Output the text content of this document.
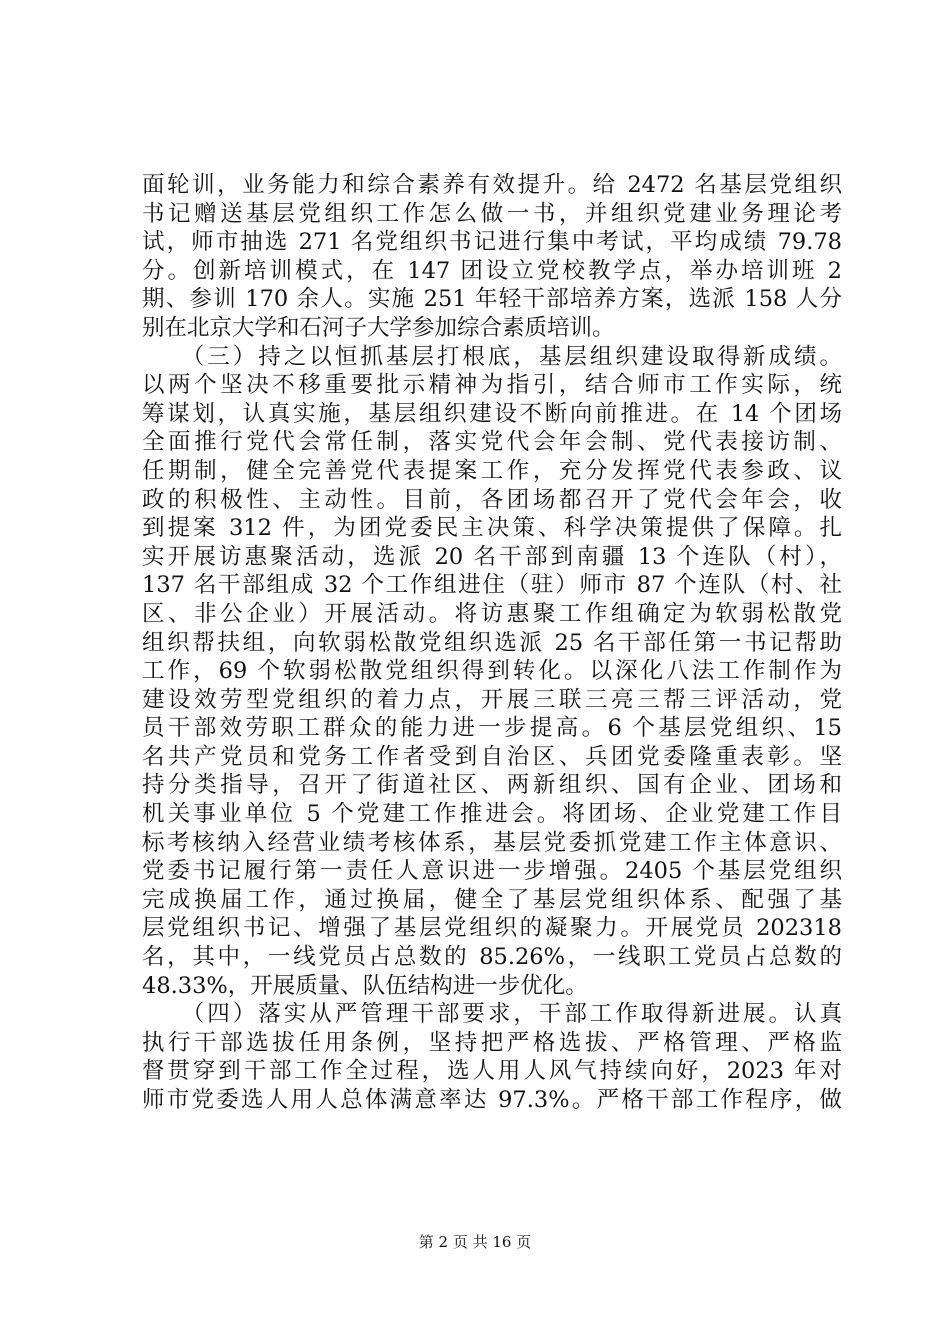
面轮训，业务能力和综合素养有效提升。给 2472 名基层党组织
书记赠送基层党组织工作怎么做一书，并组织党建业务理论考
试，师市抽选 271 名党组织书记进行集中考试，平均成绩 79.78
分。创新培训模式，在 147 团设立党校教学点，举办培训班 2
期、参训 170 余人。实施 251 年轻干部培养方案，选派 158 人分
别在北京大学和石河子大学参加综合素质培训。
　　（三）持之以恒抓基层打根底，基层组织建设取得新成绩。
以两个坚决不移重要批示精神为指引，结合师市工作实际，统
筹谋划，认真实施，基层组织建设不断向前推进。在 14 个团场
全面推行党代会常任制，落实党代会年会制、党代表接访制、
任期制，健全完善党代表提案工作，充分发挥党代表参政、议
政的积极性、主动性。目前，各团场都召开了党代会年会，收
到提案 312 件，为团党委民主决策、科学决策提供了保障。扎
实开展访惠聚活动，选派 20 名干部到南疆 13 个连队（村），
137 名干部组成 32 个工作组进住（驻）师市 87 个连队（村、社
区、非公企业）开展活动。将访惠聚工作组确定为软弱松散党
组织帮扶组，向软弱松散党组织选派 25 名干部任第一书记帮助
工作，69 个软弱松散党组织得到转化。以深化八法工作制作为
建设效劳型党组织的着力点，开展三联三亮三帮三评活动，党
员干部效劳职工群众的能力进一步提高。6 个基层党组织、15
名共产党员和党务工作者受到自治区、兵团党委隆重表彰。坚
持分类指导，召开了街道社区、两新组织、国有企业、团场和
机关事业单位 5 个党建工作推进会。将团场、企业党建工作目
标考核纳入经营业绩考核体系，基层党委抓党建工作主体意识、
党委书记履行第一责任人意识进一步增强。2405 个基层党组织
完成换届工作，通过换届，健全了基层党组织体系、配强了基
层党组织书记、增强了基层党组织的凝聚力。开展党员 202318
名，其中，一线党员占总数的 85.26%，一线职工党员占总数的
48.33%，开展质量、队伍结构进一步优化。
　　（四）落实从严管理干部要求，干部工作取得新进展。认真
执行干部选拔任用条例，坚持把严格选拔、严格管理、严格监
督贯穿到干部工作全过程，选人用人风气持续向好，2023 年对
师市党委选人用人总体满意率达 97.3%。严格干部工作程序，做
第 2 页 共 16 页
